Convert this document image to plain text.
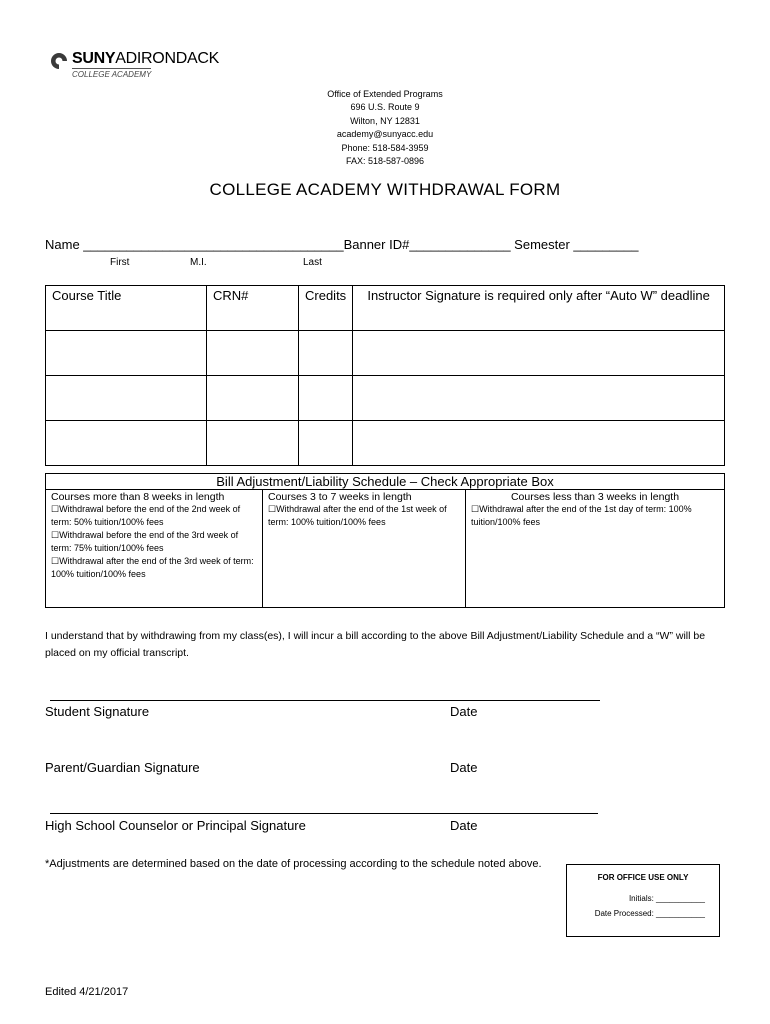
SUNYADIRONDACK
COLLEGE ACADEMY
Office of Extended Programs
696 U.S. Route 9
Wilton, NY 12831
academy@sunyacc.edu
Phone: 518-584-3959
FAX: 518-587-0896
COLLEGE ACADEMY WITHDRAWAL FORM
Name ____________________________________Banner ID#______________ Semester _________
First	M.I.	Last
Course Title	CRN#	Credits	Instructor Signature is required only after “Auto W” deadline

Bill Adjustment/Liability Schedule – Check Appropriate Box

Courses more than 8 weeks in length
☐Withdrawal before the end of the 2nd week of term: 50% tuition/100% fees
☐Withdrawal before the end of the 3rd week of term: 75% tuition/100% fees
☐Withdrawal after the end of the 3rd week of term: 100% tuition/100% fees

Courses 3 to 7 weeks in length
☐Withdrawal after the end of the 1st week of term: 100% tuition/100% fees

Courses less than 3 weeks in length
☐Withdrawal after the end of the 1st day of term: 100% tuition/100% fees
I understand that by withdrawing from my class(es), I will incur a bill according to the above Bill Adjustment/Liability Schedule and a “W” will be placed on my official transcript.
Student Signature	Date
Parent/Guardian Signature	Date
High School Counselor or Principal Signature	Date
*Adjustments are determined based on the date of processing according to the schedule noted above.
FOR OFFICE USE ONLY
Initials: ___________
Date Processed: ___________
Edited 4/21/2017
